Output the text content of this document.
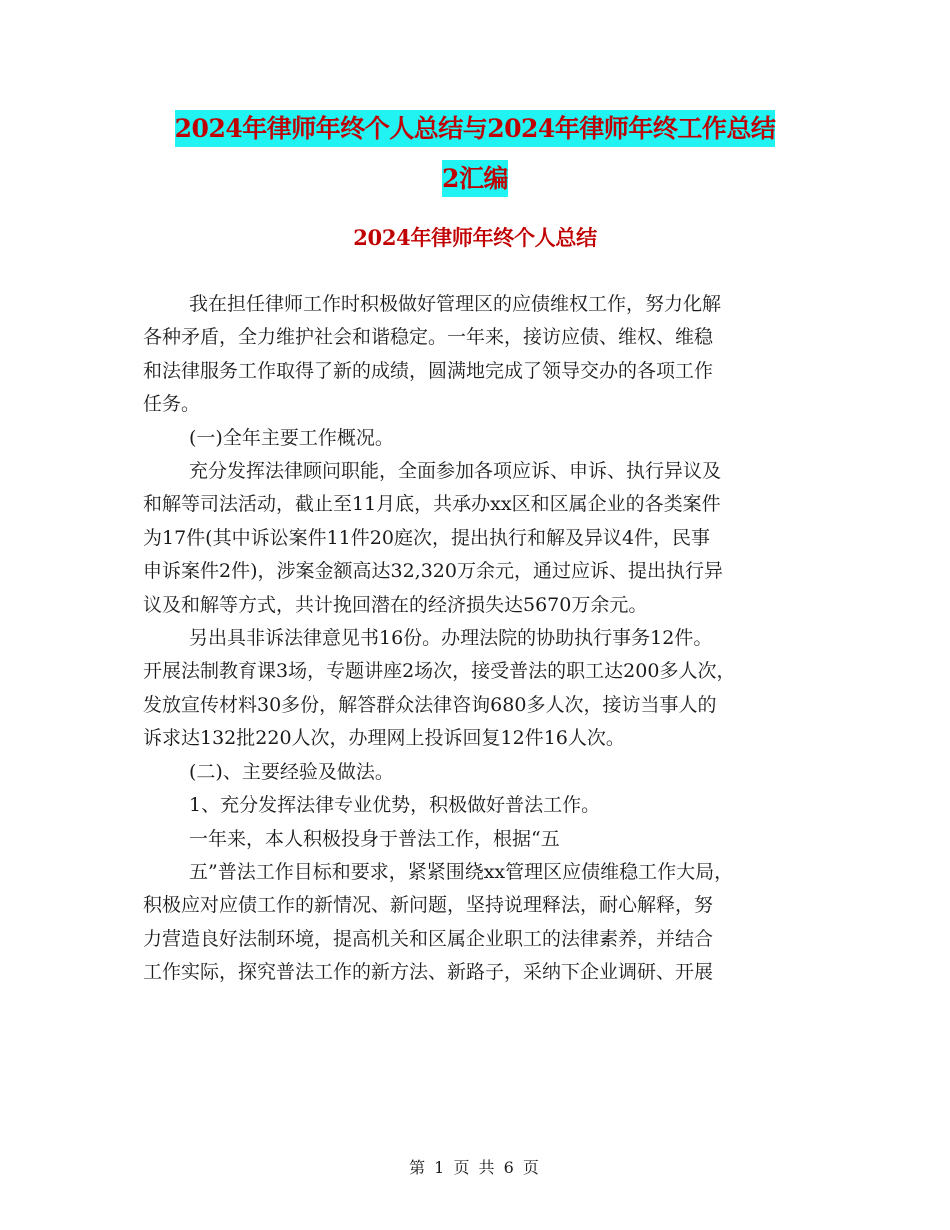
2024年律师年终个人总结与2024年律师年终工作总结
2汇编
2024年律师年终个人总结

我在担任律师工作时积极做好管理区的应债维权工作，努力化解

各种矛盾，全力维护社会和谐稳定。一年来，接访应债、维权、维稳

和法律服务工作取得了新的成绩，圆满地完成了领导交办的各项工作

任务。

(一)全年主要工作概况。

充分发挥法律顾问职能，全面参加各项应诉、申诉、执行异议及

和解等司法活动，截止至11月底，共承办xx区和区属企业的各类案件

为17件(其中诉讼案件11件20庭次，提出执行和解及异议4件，民事

申诉案件2件)，涉案金额高达32,320万余元，通过应诉、提出执行异

议及和解等方式，共计挽回潜在的经济损失达5670万余元。

另出具非诉法律意见书16份。办理法院的协助执行事务12件。

开展法制教育课3场，专题讲座2场次，接受普法的职工达200多人次，

发放宣传材料30多份，解答群众法律咨询680多人次，接访当事人的

诉求达132批220人次，办理网上投诉回复12件16人次。

(二)、主要经验及做法。

1、充分发挥法律专业优势，积极做好普法工作。

一年来，本人积极投身于普法工作，根据“五

五”普法工作目标和要求，紧紧围绕xx管理区应债维稳工作大局，

积极应对应债工作的新情况、新问题，坚持说理释法，耐心解释，努

力营造良好法制环境，提高机关和区属企业职工的法律素养，并结合

工作实际，探究普法工作的新方法、新路子，采纳下企业调研、开展

第 1 页 共 6 页
